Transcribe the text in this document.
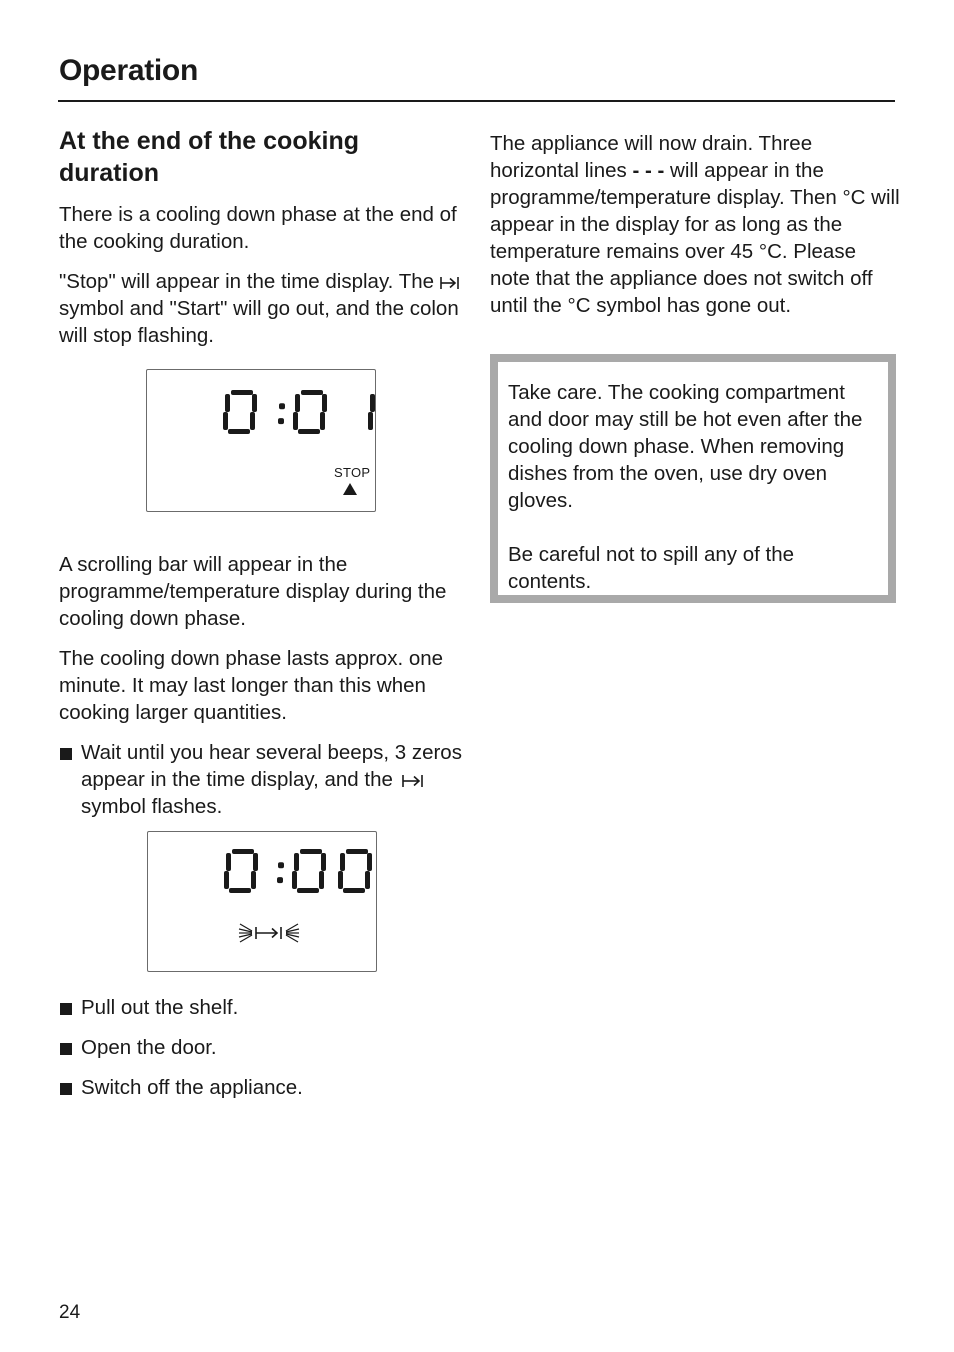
Operation
At the end of the cooking duration

There is a cooling down phase at the end of the cooking duration.

"Stop" will appear in the time display. The  symbol and "Start" will go out, and the colon will stop flashing.

STOP

A scrolling bar will appear in the programme/temperature display during the cooling down phase.

The cooling down phase lasts approx. one minute. It may last longer than this when cooking larger quantities.

Wait until you hear several beeps, 3 zeros appear in the time display, and the  symbol flashes.

Pull out the shelf.

Open the door.

Switch off the appliance.

The appliance will now drain. Three horizontal lines - - - will appear in the programme/temperature display. Then °C will appear in the display for as long as the temperature remains over 45 °C. Please note that the appliance does not switch off until the °C symbol has gone out.

Take care. The cooking compartment and door may still be hot even after the cooling down phase. When removing dishes from the oven, use dry oven gloves.

Be careful not to spill any of the contents.

24
